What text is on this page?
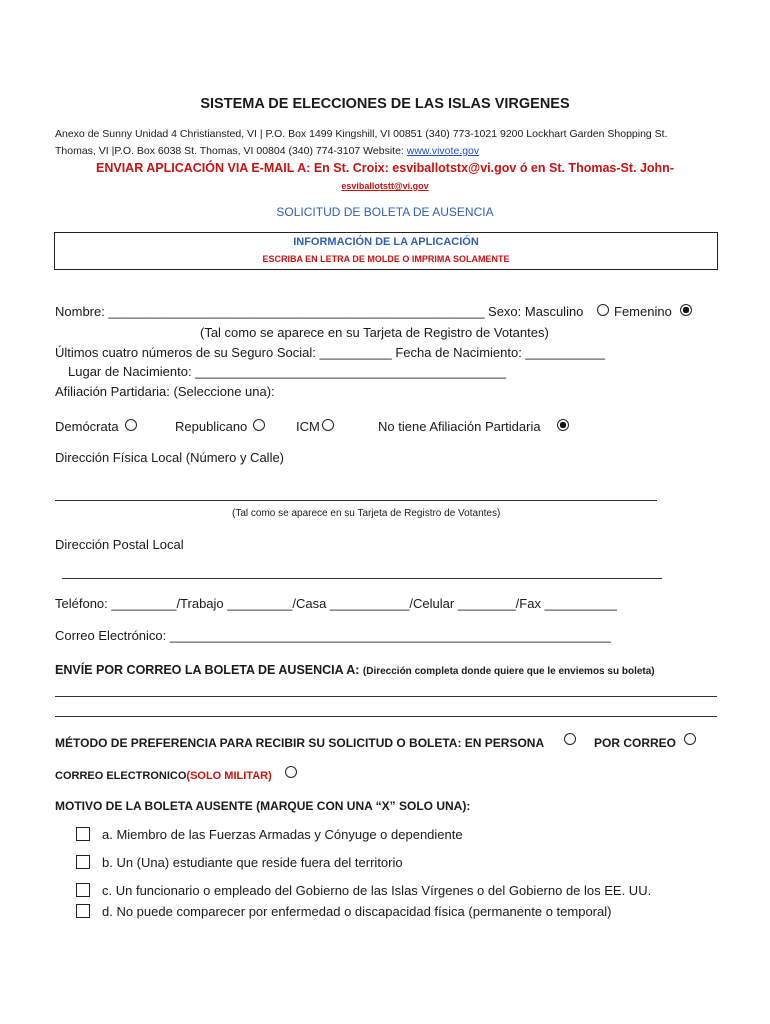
SISTEMA DE ELECCIONES DE LAS ISLAS VIRGENES
Anexo de Sunny Unidad 4 Christiansted, VI | P.O. Box 1499 Kingshill, VI 00851 (340) 773-1021 9200 Lockhart Garden Shopping St.
Thomas, VI |P.O. Box 6038 St. Thomas, VI 00804 (340) 774-3107 Website: www.vivote.gov
ENVIAR APLICACIÓN VIA E-MAIL A: En St. Croix: esviballotstx@vi.gov ó en St. Thomas-St. John-
esviballotstt@vi.gov
SOLICITUD DE BOLETA DE AUSENCIA
INFORMACIÓN DE LA APLICACIÓN
ESCRIBA EN LETRA DE MOLDE O IMPRIMA SOLAMENTE
Nombre: ____________________________________________________ Sexo: Masculino Femenino
(Tal como se aparece en su Tarjeta de Registro de Votantes)
Últimos cuatro números de su Seguro Social: __________ Fecha de Nacimiento: ___________
Lugar de Nacimiento: ___________________________________________
Afiliación Partidaria: (Seleccione una):
Demócrata	Republicano	ICM	No tiene Afiliación Partidaria
Dirección Física Local (Número y Calle)
(Tal como se aparece en su Tarjeta de Registro de Votantes)
Dirección Postal Local
Teléfono: _________/Trabajo _________/Casa ___________/Celular ________/Fax __________
Correo Electrónico: _____________________________________________________________
ENVÍE POR CORREO LA BOLETA DE AUSENCIA A: (Dirección completa donde quiere que le enviemos su boleta)
MÉTODO DE PREFERENCIA PARA RECIBIR SU SOLICITUD O BOLETA: EN PERSONA	POR CORREO
CORREO ELECTRONICO(SOLO MILITAR)
MOTIVO DE LA BOLETA AUSENTE (MARQUE CON UNA “X” SOLO UNA):
a. Miembro de las Fuerzas Armadas y Cónyuge o dependiente
b. Un (Una) estudiante que reside fuera del territorio
c. Un funcionario o empleado del Gobierno de las Islas Vírgenes o del Gobierno de los EE. UU.
d. No puede comparecer por enfermedad o discapacidad física (permanente o temporal)
